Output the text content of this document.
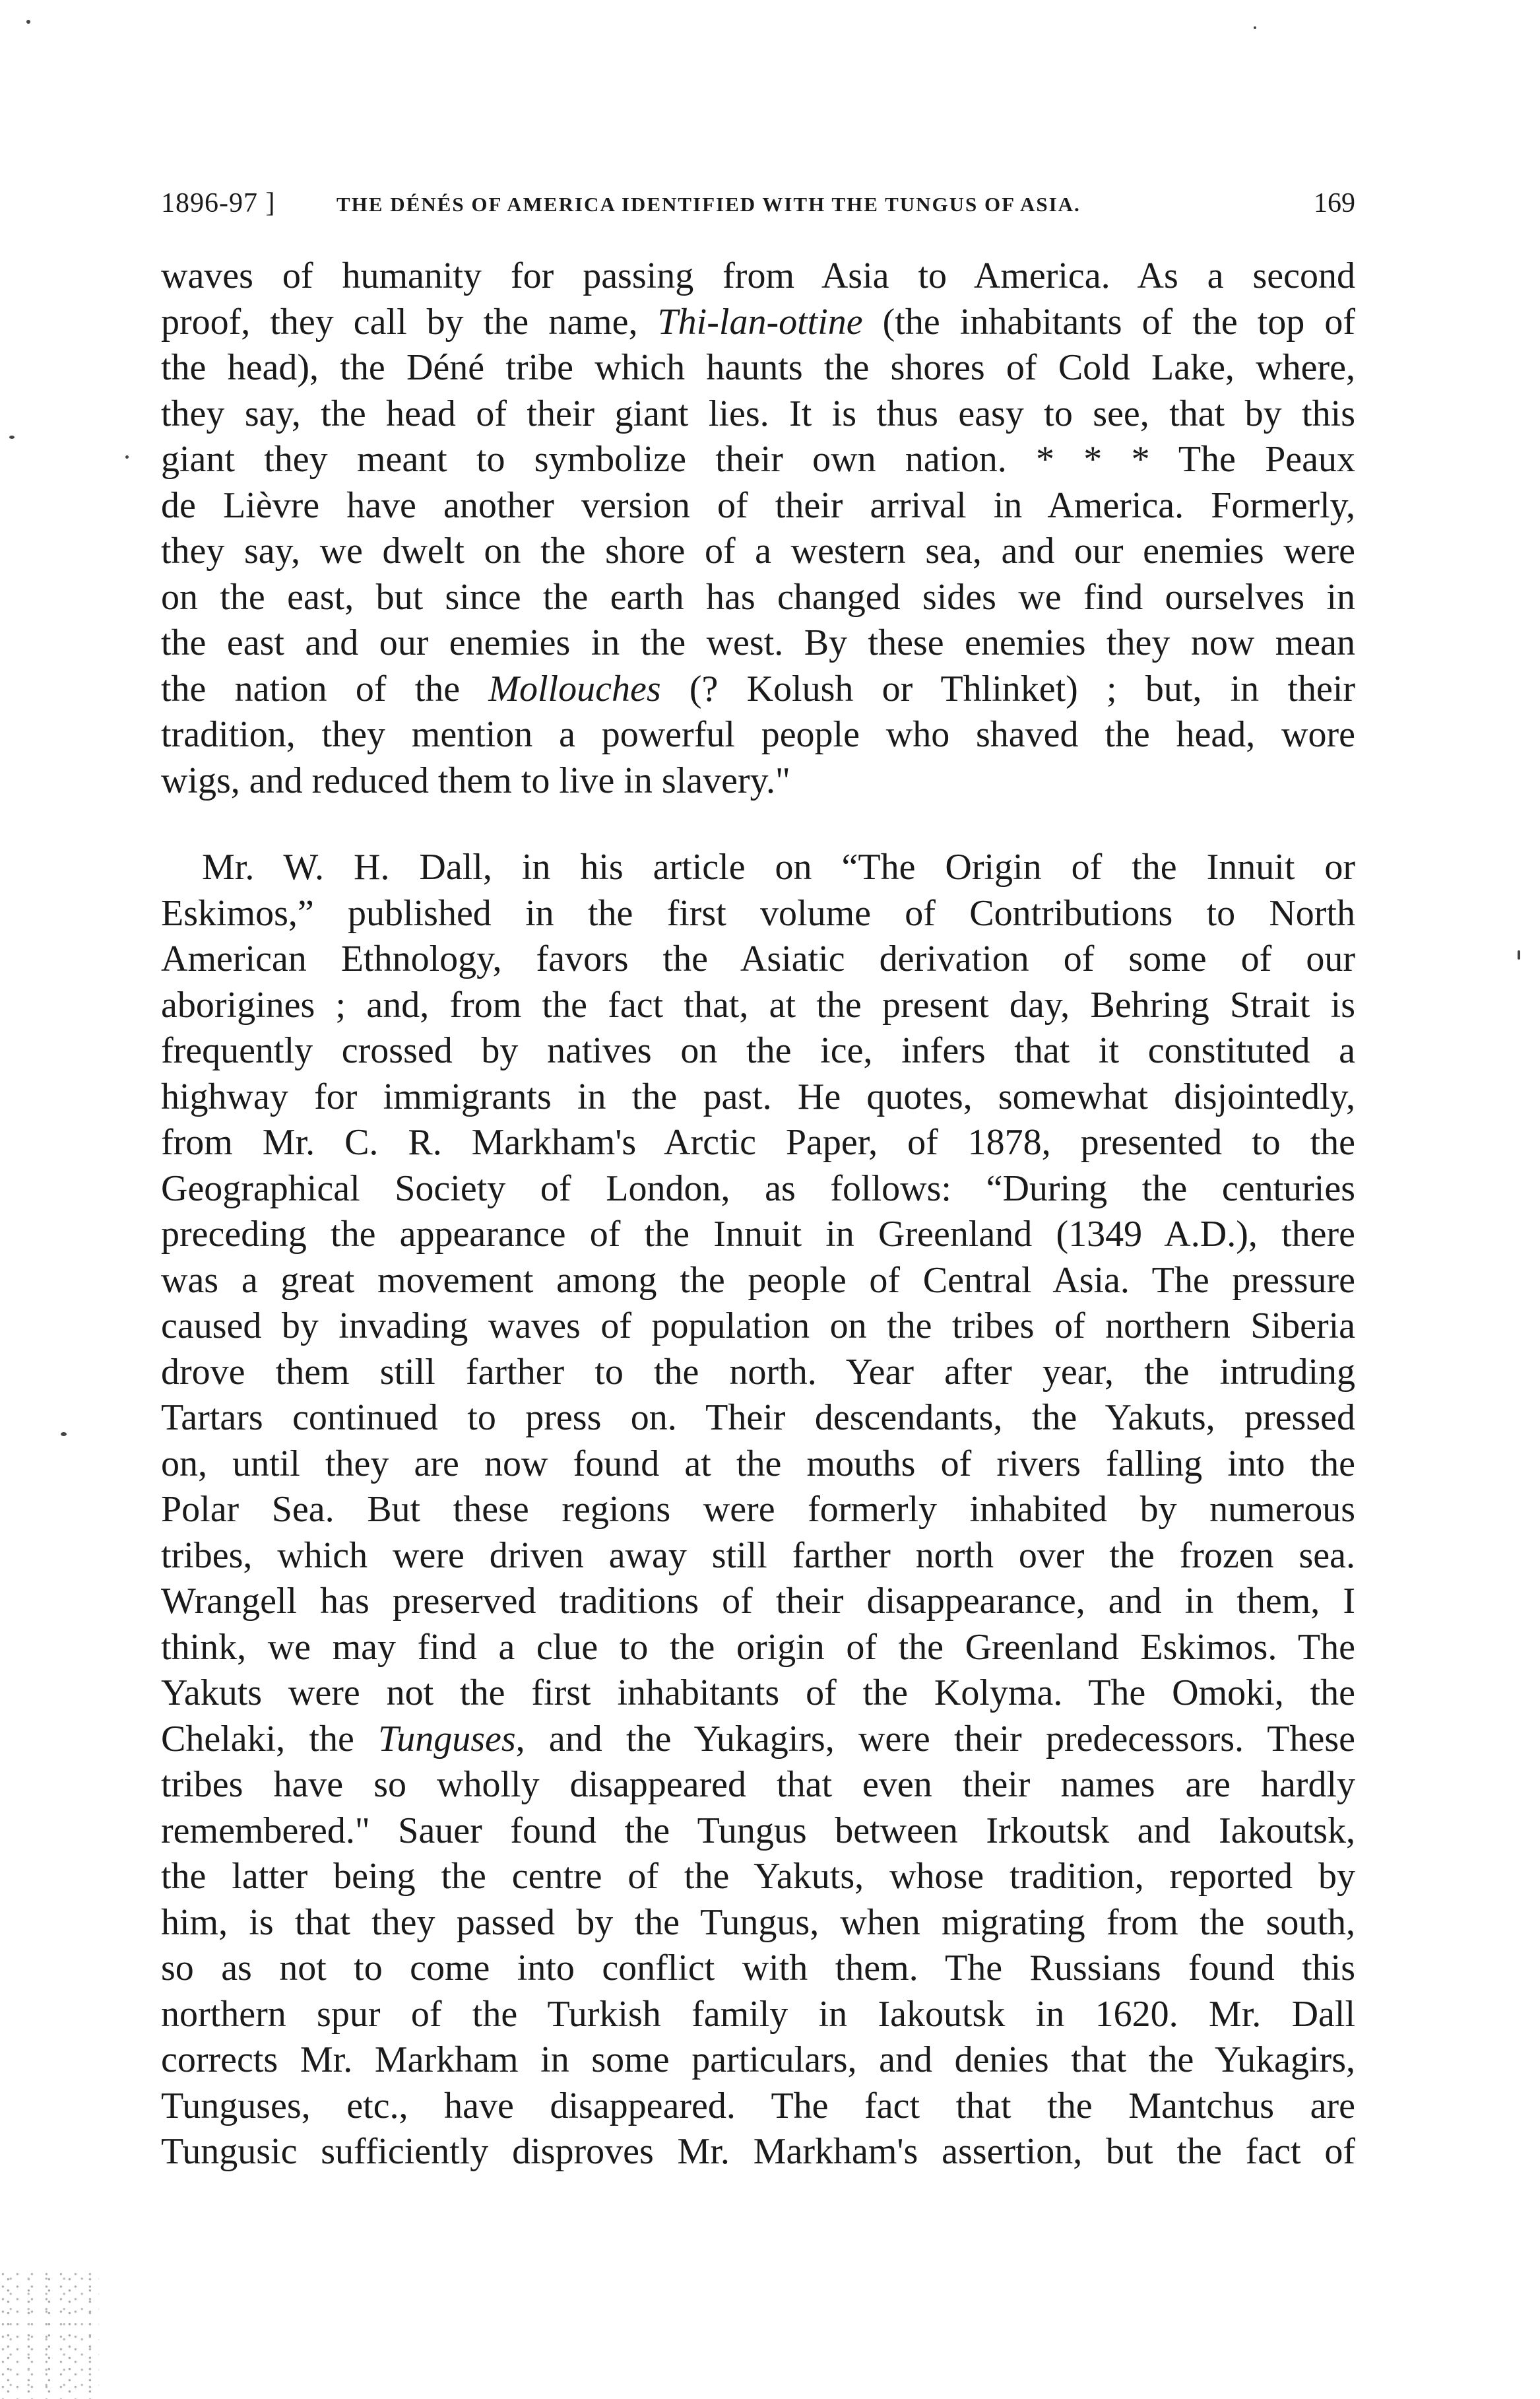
1896-97 ]	THE DÉNÉS OF AMERICA IDENTIFIED WITH THE TUNGUS OF ASIA.	169
waves of humanity for passing from Asia to America. As a second
proof, they call by the name, Thi-lan-ottine (the inhabitants of the top of
the head), the Déné tribe which haunts the shores of Cold Lake, where,
they say, the head of their giant lies. It is thus easy to see, that by this
giant they meant to symbolize their own nation. * * * The Peaux
de Lièvre have another version of their arrival in America. Formerly,
they say, we dwelt on the shore of a western sea, and our enemies were
on the east, but since the earth has changed sides we find ourselves in
the east and our enemies in the west. By these enemies they now mean
the nation of the Mollouches (? Kolush or Thlinket) ; but, in their
tradition, they mention a powerful people who shaved the head, wore
wigs, and reduced them to live in slavery."
Mr. W. H. Dall, in his article on “The Origin of the Innuit or
Eskimos,” published in the first volume of Contributions to North
American Ethnology, favors the Asiatic derivation of some of our
aborigines ; and, from the fact that, at the present day, Behring Strait is
frequently crossed by natives on the ice, infers that it constituted a
highway for immigrants in the past. He quotes, somewhat disjointedly,
from Mr. C. R. Markham's Arctic Paper, of 1878, presented to the
Geographical Society of London, as follows: “During the centuries
preceding the appearance of the Innuit in Greenland (1349 A.D.), there
was a great movement among the people of Central Asia. The pressure
caused by invading waves of population on the tribes of northern Siberia
drove them still farther to the north. Year after year, the intruding
Tartars continued to press on. Their descendants, the Yakuts, pressed
on, until they are now found at the mouths of rivers falling into the
Polar Sea. But these regions were formerly inhabited by numerous
tribes, which were driven away still farther north over the frozen sea.
Wrangell has preserved traditions of their disappearance, and in them, I
think, we may find a clue to the origin of the Greenland Eskimos. The
Yakuts were not the first inhabitants of the Kolyma. The Omoki, the
Chelaki, the Tunguses, and the Yukagirs, were their predecessors. These
tribes have so wholly disappeared that even their names are hardly
remembered." Sauer found the Tungus between Irkoutsk and Iakoutsk,
the latter being the centre of the Yakuts, whose tradition, reported by
him, is that they passed by the Tungus, when migrating from the south,
so as not to come into conflict with them. The Russians found this
northern spur of the Turkish family in Iakoutsk in 1620. Mr. Dall
corrects Mr. Markham in some particulars, and denies that the Yukagirs,
Tunguses, etc., have disappeared. The fact that the Mantchus are
Tungusic sufficiently disproves Mr. Markham's assertion, but the fact of
